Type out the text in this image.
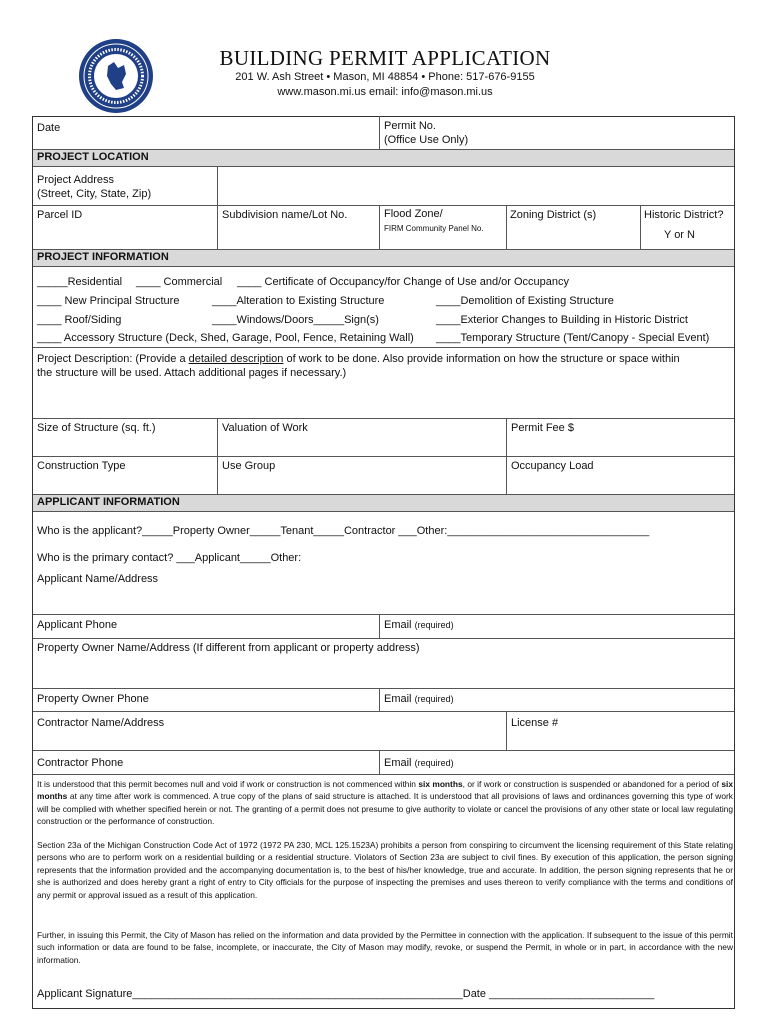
BUILDING PERMIT APPLICATION
201 W. Ash Street • Mason, MI 48854 • Phone: 517-676-9155
www.mason.mi.us email: info@mason.mi.us
Date	Permit No.
(Office Use Only)
PROJECT LOCATION
Project Address
(Street, City, State, Zip)
Parcel ID	Subdivision name/Lot No.	Flood Zone/
FIRM Community Panel No.
Zoning District (s)	Historic District?
Y or N
PROJECT INFORMATION
_____Residential ____ Commercial ____ Certificate of Occupancy/for Change of Use and/or Occupancy
____ New Principal Structure	____Alteration to Existing Structure	____Demolition of Existing Structure
____ Roof/Siding	____Windows/Doors_____Sign(s)	____Exterior Changes to Building in Historic District
____ Accessory Structure (Deck, Shed, Garage, Pool, Fence, Retaining Wall) ____Temporary Structure (Tent/Canopy - Special Event)
Project Description: (Provide a detailed description of work to be done. Also provide information on how the structure or space within
the structure will be used. Attach additional pages if necessary.)
Size of Structure (sq. ft.)	Valuation of Work	Permit Fee $
Construction Type	Use Group	Occupancy Load
APPLICANT INFORMATION
Who is the applicant?_____Property Owner_____Tenant_____Contractor ___Other:_________________________________
Who is the primary contact? ___Applicant_____Other:
Applicant Name/Address
Applicant Phone	Email (required)
Property Owner Name/Address (If different from applicant or property address)
Property Owner Phone	Email (required)
Contractor Name/Address	License #
Contractor Phone	Email (required)
It is understood that this permit becomes null and void if work or construction is not commenced within six months, or if work or construction is suspended or abandoned for a period of six months at any time after work is commenced. A true copy of the plans of said structure is attached. It is understood that all provisions of laws and ordinances governing this type of work will be complied with whether specified herein or not. The granting of a permit does not presume to give authority to violate or cancel the provisions of any other state or local law regulating construction or the performance of construction.
Section 23a of the Michigan Construction Code Act of 1972 (1972 PA 230, MCL 125.1523A) prohibits a person from conspiring to circumvent the licensing requirement of this State relating persons who are to perform work on a residential building or a residential structure. Violators of Section 23a are subject to civil fines. By execution of this application, the person signing represents that the information provided and the accompanying documentation is, to the best of his/her knowledge, true and accurate. In addition, the person signing represents that he or she is authorized and does hereby grant a right of entry to City officials for the purpose of inspecting the premises and uses thereon to verify compliance with the terms and conditions of any permit or approval issued as a result of this application.
Further, in issuing this Permit, the City of Mason has relied on the information and data provided by the Permittee in connection with the application. If subsequent to the issue of this permit such information or data are found to be false, incomplete, or inaccurate, the City of Mason may modify, revoke, or suspend the Permit, in whole or in part, in accordance with the new information.
Applicant Signature______________________________________________________Date ___________________________
